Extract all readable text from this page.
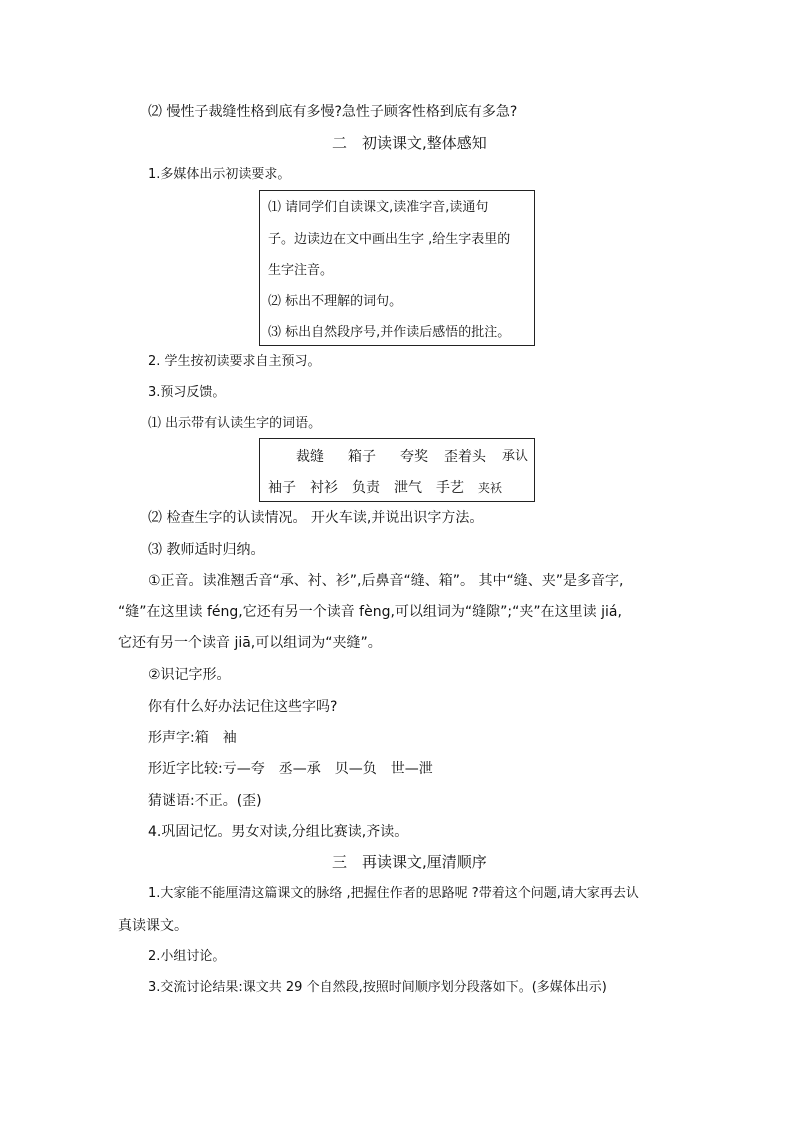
⑵ 慢性子裁缝性格到底有多慢?急性子顾客性格到底有多急?
二　初读课文,整体感知
1.多媒体出示初读要求。
⑴ 请同学们自读课文,读准字音,读通句
子。边读边在文中画出生字 ,给生字表里的
生字注音。
⑵ 标出不理解的词句。
⑶ 标出自然段序号,并作读后感悟的批注。
2. 学生按初读要求自主预习。
3.预习反馈。
⑴ 出示带有认读生字的词语。
裁缝	箱子	夸奖	歪着头	承认
袖子	衬衫	负责	泄气	手艺	夹袄
⑵ 检查生字的认读情况。 开火车读,并说出识字方法。
⑶ 教师适时归纳。
①正音。读准翘舌音“承、衬、衫”,后鼻音“缝、箱”。 其中“缝、夹”是多音字,
“缝”在这里读 féng,它还有另一个读音 fèng,可以组词为“缝隙”;“夹”在这里读 jiá,
它还有另一个读音 jiā,可以组词为“夹缝”。
②识记字形。
你有什么好办法记住这些字吗?
形声字:箱　袖
形近字比较:亏—夸　丞—承　贝—负　世—泄
猜谜语:不正。(歪)
4.巩固记忆。男女对读,分组比赛读,齐读。
三　再读课文,厘清顺序
1.大家能不能厘清这篇课文的脉络 ,把握住作者的思路呢 ?带着这个问题,请大家再去认
真读课文。
2.小组讨论。
3.交流讨论结果:课文共 29 个自然段,按照时间顺序划分段落如下。(多媒体出示)
